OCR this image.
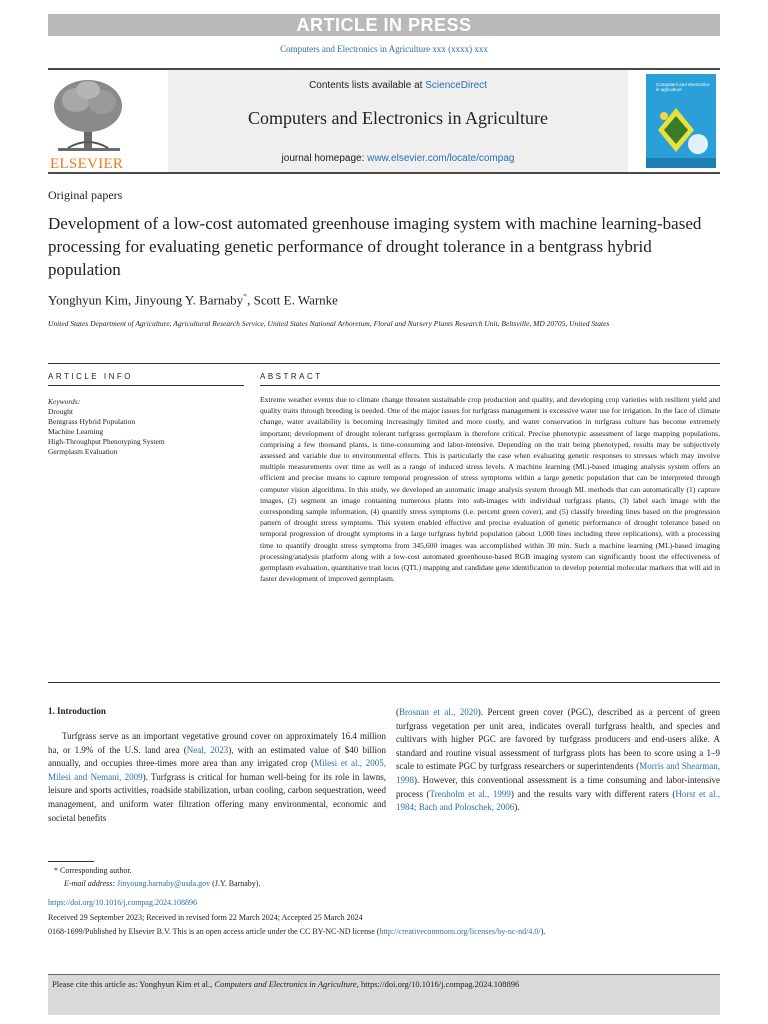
ARTICLE IN PRESS
Computers and Electronics in Agriculture xxx (xxxx) xxx
ELSEVIER
Contents lists available at ScienceDirect
Computers and Electronics in Agriculture
journal homepage: www.elsevier.com/locate/compag
Computers and electronics in agriculture
Original papers
Development of a low-cost automated greenhouse imaging system with machine learning-based processing for evaluating genetic performance of drought tolerance in a bentgrass hybrid population
Yonghyun Kim, Jinyoung Y. Barnaby*, Scott E. Warnke
United States Department of Agriculture, Agricultural Research Service, United States National Arboretum, Floral and Nursery Plants Research Unit, Beltsville, MD 20705, United States
ARTICLE INFO	ABSTRACT
Keywords:
Drought
Bentgrass Hybrid Population
Machine Learning
High-Throughput Phenotyping System
Germplasm Evaluation
Extreme weather events due to climate change threaten sustainable crop production and quality, and developing crop varieties with resilient yield and quality traits through breeding is needed. One of the major issues for turfgrass management is excessive water use for irrigation. In the face of climate change, water availability is becoming increasingly limited and more costly, and water conservation in turfgrass culture has become extremely important; development of drought tolerant turfgrass germplasm is therefore critical. Precise phenotypic assessment of large mapping populations, comprising a few thousand plants, is time-consuming and labor-intensive. Depending on the trait being phenotyped, results may be subjectively assessed and variable due to environmental effects. This is particularly the case when evaluating genetic responses to stresses which may involve multiple measurements over time as well as a range of induced stress levels. A machine learning (ML)-based imaging analysis system offers an efficient and precise means to capture temporal progression of stress symptoms within a large genetic population that can be interpreted through computer vision algorithms. In this study, we developed an automatic image analysis system through ML methods that can automatically (1) capture images, (2) segment an image containing numerous plants into sub-images with individual turfgrass plants, (3) label each image with the corresponding sample information, (4) quantify stress symptoms (i.e. percent green cover), and (5) classify breeding lines based on the progression pattern of drought stress symptoms. This system enabled effective and precise evaluation of genetic performance of drought tolerance based on temporal progression of drought symptoms in a large turfgrass hybrid population (about 1,000 lines including three replications), with a processing time to quantify drought stress symptoms from 345,600 images was accomplished within 30 min. Such a machine learning (ML)-based imaging processing/analysis platform along with a low-cost automated greenhouse-based RGB imaging system can significantly boost the effectiveness of germplasm evaluation, quantitative trait locus (QTL) mapping and candidate gene identification to develop potential molecular markers that will aid in faster development of improved germplasm.
1. Introduction
Turfgrass serve as an important vegetative ground cover on approximately 16.4 million ha, or 1.9% of the U.S. land area (Neal, 2023), with an estimated value of $40 billion annually, and occupies three-times more area than any irrigated crop (Milesi et al., 2005, Milesi and Nemani, 2009). Turfgrass is critical for human well-being for its role in lawns, leisure and sports activities, roadside stabilization, urban cooling, carbon sequestration, weed management, and uniform water filtration offering many environmental, economic and societal benefits
(Brosnan et al., 2020). Percent green cover (PGC), described as a percent of green turfgrass vegetation per unit area, indicates overall turfgrass health, and species and cultivars with higher PGC are favored by turfgrass producers and end-users alike. A standard and routine visual assessment of turfgrass plots has been to score using a 1–9 scale to estimate PGC by turfgrass researchers or superintendents (Morris and Shearman, 1998). However, this conventional assessment is a time consuming and labor-intensive process (Trenholm et al., 1999) and the results vary with different raters (Horst et al., 1984; Bach and Poloschek, 2006).
* Corresponding author.
E-mail address: Jinyoung.barnaby@usda.gov (J.Y. Barnaby).
https://doi.org/10.1016/j.compag.2024.108896
Received 29 September 2023; Received in revised form 22 March 2024; Accepted 25 March 2024
0168-1699/Published by Elsevier B.V. This is an open access article under the CC BY-NC-ND license (http://creativecommons.org/licenses/by-nc-nd/4.0/).
Please cite this article as: Yonghyun Kim et al., Computers and Electronics in Agriculture, https://doi.org/10.1016/j.compag.2024.108896
